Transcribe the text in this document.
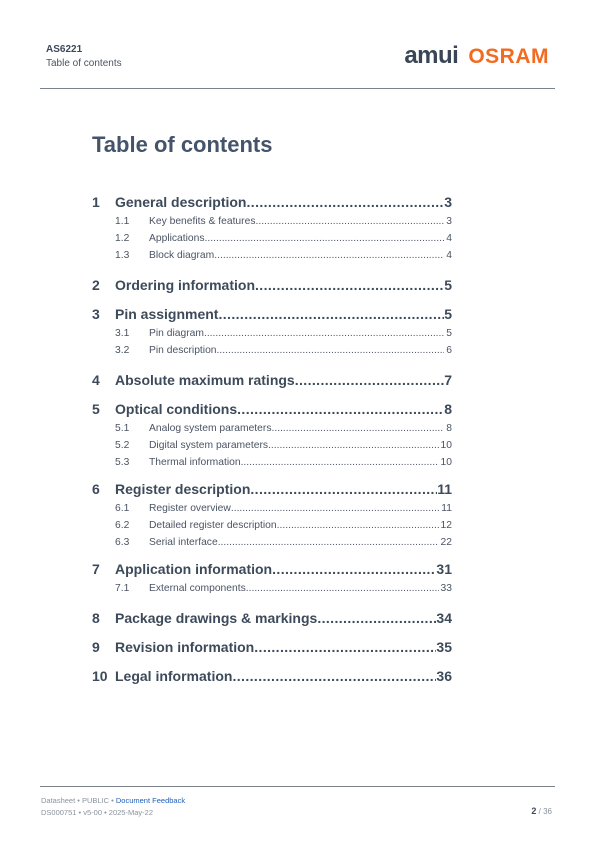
AS6221
Table of contents	amui OSRAM
Table of contents
1	General description .....	3
1.1	Key benefits & features .....	3
1.2	Applications .....	4
1.3	Block diagram .....	4
2	Ordering information .....	5
3	Pin assignment .....	5
3.1	Pin diagram .....	5
3.2	Pin description .....	6
4	Absolute maximum ratings .....	7
5	Optical conditions .....	8
5.1	Analog system parameters .....	8
5.2	Digital system parameters .....	10
5.3	Thermal information .....	10
6	Register description .....	11
6.1	Register overview .....	11
6.2	Detailed register description .....	12
6.3	Serial interface .....	22
7	Application information .....	31
7.1	External components .....	33
8	Package drawings & markings .....	34
9	Revision information .....	35
10 Legal information .....	36
Datasheet • PUBLIC • Document Feedback
DS000751 • v5-00 • 2025-May-22	2 / 36
